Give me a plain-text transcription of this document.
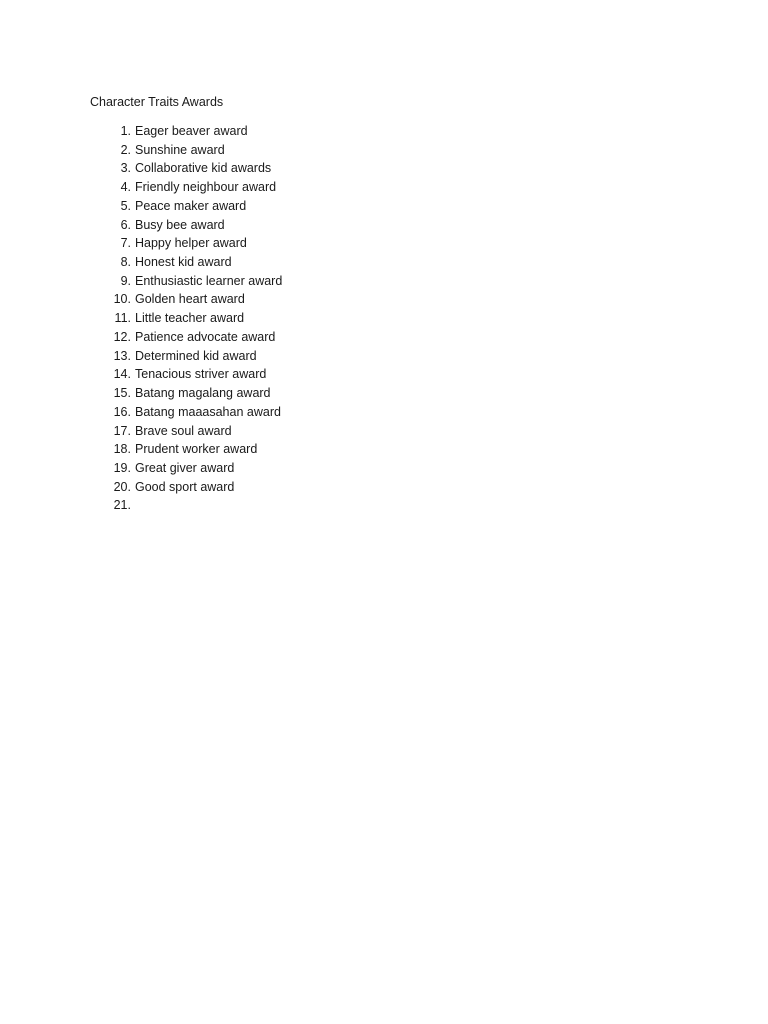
Character Traits Awards
1. Eager beaver award
2. Sunshine award
3. Collaborative kid awards
4. Friendly neighbour award
5. Peace maker award
6. Busy bee award
7. Happy helper award
8. Honest kid award
9. Enthusiastic learner award
10. Golden heart award
11. Little teacher award
12. Patience advocate award
13. Determined kid award
14. Tenacious striver award
15. Batang magalang award
16. Batang maaasahan award
17. Brave soul award
18. Prudent worker award
19. Great giver award
20. Good sport award
21.
